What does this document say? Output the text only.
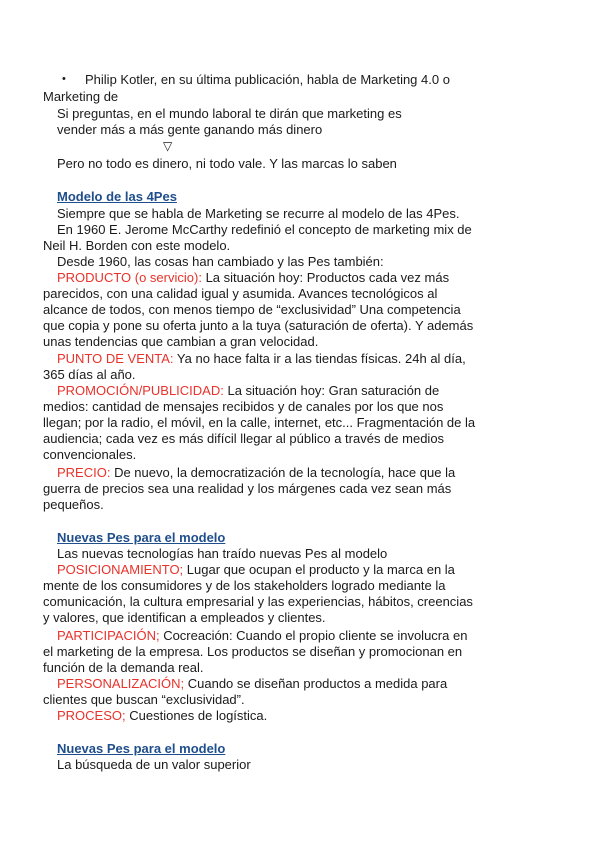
• Philip Kotler, en su última publicación, habla de Marketing 4.0 o
Marketing de
Si preguntas, en el mundo laboral te dirán que marketing es
vender más a más gente ganando más dinero
▽
Pero no todo es dinero, ni todo vale. Y las marcas lo saben
Modelo de las 4Pes
Siempre que se habla de Marketing se recurre al modelo de las 4Pes.
En 1960 E. Jerome McCarthy redefinió el concepto de marketing mix de
Neil H. Borden con este modelo.
Desde 1960, las cosas han cambiado y las Pes también:
PRODUCTO (o servicio): La situación hoy: Productos cada vez más
parecidos, con una calidad igual y asumida. Avances tecnológicos al
alcance de todos, con menos tiempo de “exclusividad” Una competencia
que copia y pone su oferta junto a la tuya (saturación de oferta). Y además
unas tendencias que cambian a gran velocidad.
PUNTO DE VENTA: Ya no hace falta ir a las tiendas físicas. 24h al día,
365 días al año.
PROMOCIÓN/PUBLICIDAD: La situación hoy: Gran saturación de
medios: cantidad de mensajes recibidos y de canales por los que nos
llegan; por la radio, el móvil, en la calle, internet, etc... Fragmentación de la
audiencia; cada vez es más difícil llegar al público a través de medios
convencionales.
PRECIO: De nuevo, la democratización de la tecnología, hace que la
guerra de precios sea una realidad y los márgenes cada vez sean más
pequeños.
Nuevas Pes para el modelo
Las nuevas tecnologías han traído nuevas Pes al modelo
POSICIONAMIENTO; Lugar que ocupan el producto y la marca en la
mente de los consumidores y de los stakeholders logrado mediante la
comunicación, la cultura empresarial y las experiencias, hábitos, creencias
y valores, que identifican a empleados y clientes.
PARTICIPACIÓN; Cocreación: Cuando el propio cliente se involucra en
el marketing de la empresa. Los productos se diseñan y promocionan en
función de la demanda real.
PERSONALIZACIÓN; Cuando se diseñan productos a medida para
clientes que buscan “exclusividad”.
PROCESO; Cuestiones de logística.
Nuevas Pes para el modelo
La búsqueda de un valor superior
